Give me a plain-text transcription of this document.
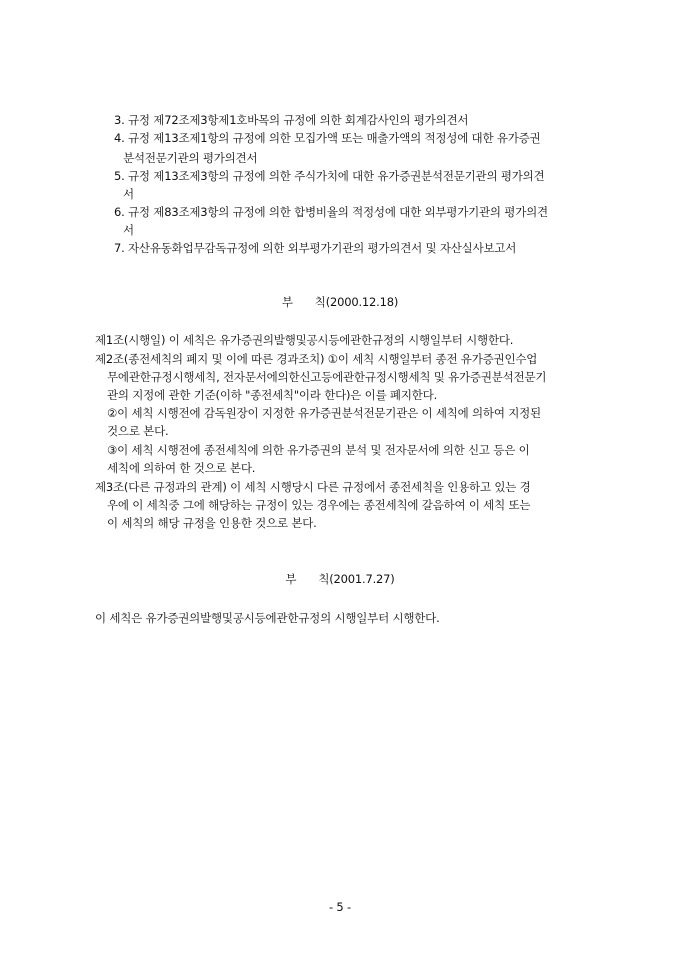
3. 규정 제72조제3항제1호바목의 규정에 의한 회계감사인의 평가의견서
4. 규정 제13조제1항의 규정에 의한 모집가액 또는 매출가액의 적정성에 대한 유가증권
분석전문기관의 평가의견서
5. 규정 제13조제3항의 규정에 의한 주식가치에 대한 유가증권분석전문기관의 평가의견
서
6. 규정 제83조제3항의 규정에 의한 합병비율의 적정성에 대한 외부평가기관의 평가의견
서
7. 자산유동화업무감독규정에 의한 외부평가기관의 평가의견서 및 자산실사보고서
부 칙(2000.12.18)
제1조(시행일) 이 세칙은 유가증권의발행및공시등에관한규정의 시행일부터 시행한다.
제2조(종전세칙의 폐지 및 이에 따른 경과조치) ①이 세칙 시행일부터 종전 유가증권인수업
무에관한규정시행세칙, 전자문서에의한신고등에관한규정시행세칙 및 유가증권분석전문기
관의 지정에 관한 기준(이하 "종전세칙"이라 한다)은 이를 폐지한다.
②이 세칙 시행전에 감독원장이 지정한 유가증권분석전문기관은 이 세칙에 의하여 지정된
것으로 본다.
③이 세칙 시행전에 종전세칙에 의한 유가증권의 분석 및 전자문서에 의한 신고 등은 이
세칙에 의하여 한 것으로 본다.
제3조(다른 규정과의 관계) 이 세칙 시행당시 다른 규정에서 종전세칙을 인용하고 있는 경
우에 이 세칙중 그에 해당하는 규정이 있는 경우에는 종전세칙에 갈음하여 이 세칙 또는
이 세칙의 해당 규정을 인용한 것으로 본다.
부 칙(2001.7.27)
이 세칙은 유가증권의발행및공시등에관한규정의 시행일부터 시행한다.
- 5 -
